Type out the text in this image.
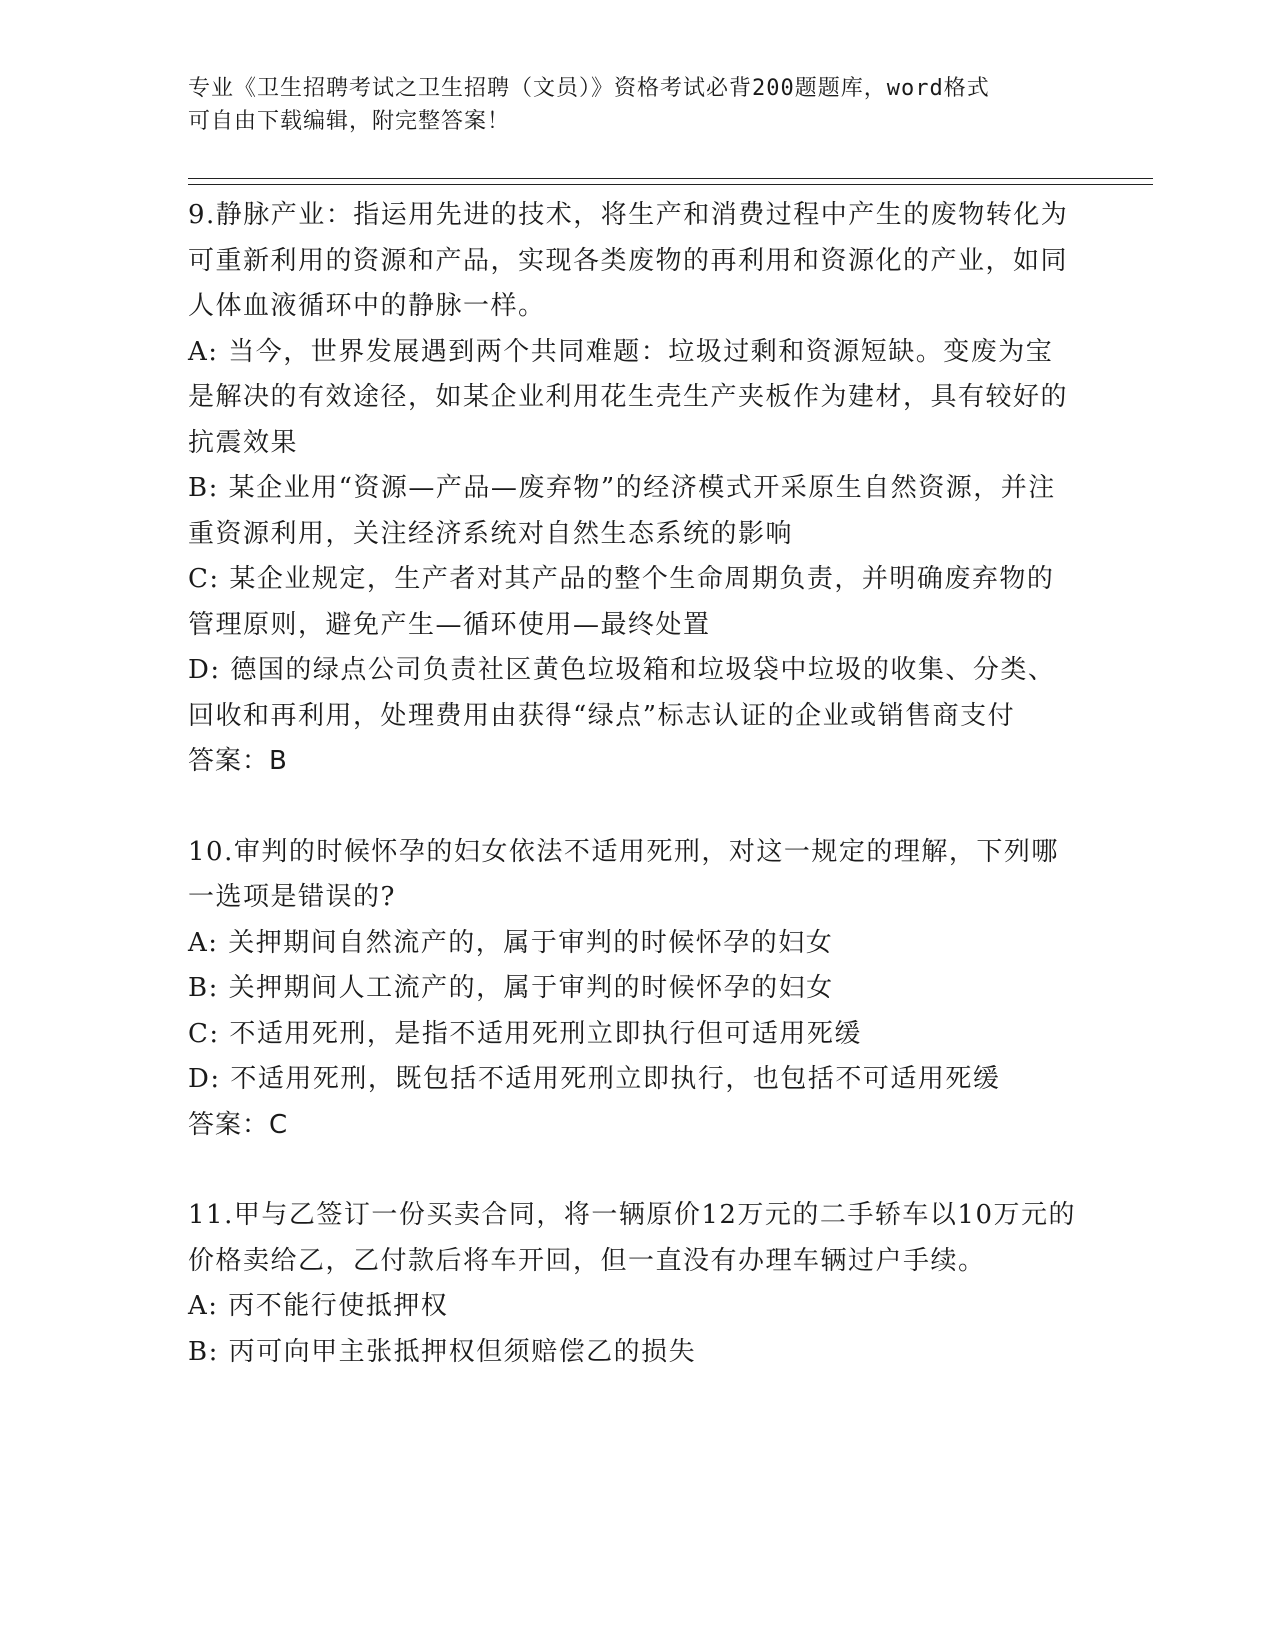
专业《卫生招聘考试之卫生招聘（文员）》资格考试必背200题题库，word格式
可自由下载编辑，附完整答案！

9.静脉产业：指运用先进的技术，将生产和消费过程中产生的废物转化为可重新利用的资源和产品，实现各类废物的再利用和资源化的产业，如同人体血液循环中的静脉一样。

A: 当今，世界发展遇到两个共同难题：垃圾过剩和资源短缺。变废为宝是解决的有效途径，如某企业利用花生壳生产夹板作为建材，具有较好的抗震效果

B: 某企业用“资源—产品—废弃物”的经济模式开采原生自然资源，并注重资源利用，关注经济系统对自然生态系统的影响

C: 某企业规定，生产者对其产品的整个生命周期负责，并明确废弃物的管理原则，避免产生—循环使用—最终处置

D: 德国的绿点公司负责社区黄色垃圾箱和垃圾袋中垃圾的收集、分类、回收和再利用，处理费用由获得“绿点”标志认证的企业或销售商支付

答案：B

10.审判的时候怀孕的妇女依法不适用死刑，对这一规定的理解，下列哪一选项是错误的?

A: 关押期间自然流产的，属于审判的时候怀孕的妇女

B: 关押期间人工流产的，属于审判的时候怀孕的妇女

C: 不适用死刑，是指不适用死刑立即执行但可适用死缓

D: 不适用死刑，既包括不适用死刑立即执行，也包括不可适用死缓

答案：C

11.甲与乙签订一份买卖合同，将一辆原价12万元的二手轿车以10万元的价格卖给乙，乙付款后将车开回，但一直没有办理车辆过户手续。

A: 丙不能行使抵押权

B: 丙可向甲主张抵押权但须赔偿乙的损失
